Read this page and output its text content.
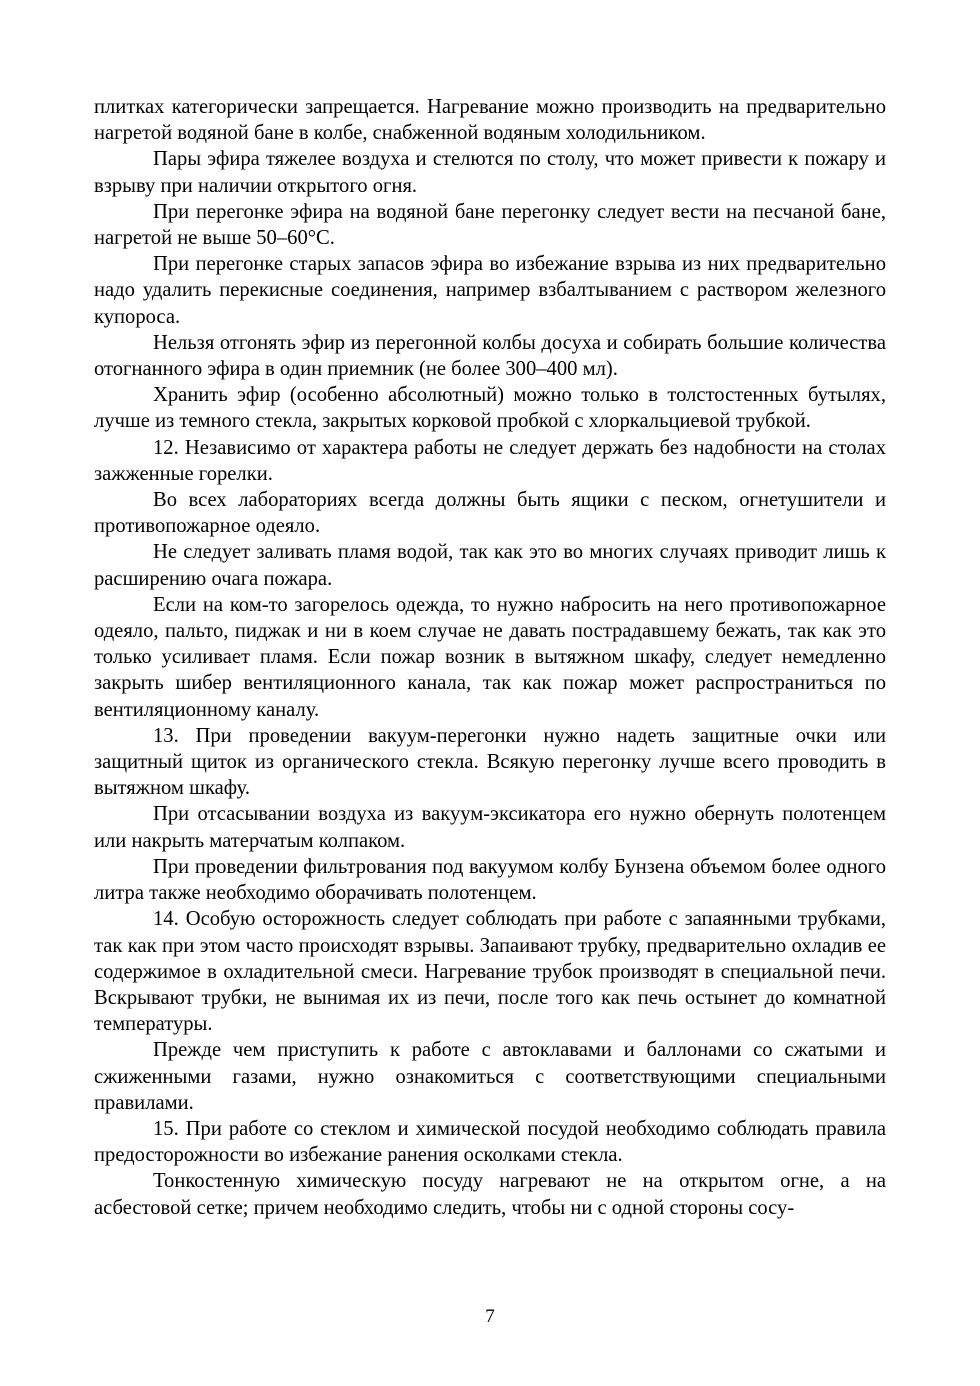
плитках категорически запрещается. Нагревание можно производить на предварительно нагретой водяной бане в колбе, снабженной водяным холодильником.

Пары эфира тяжелее воздуха и стелются по столу, что может привести к пожару и взрыву при наличии открытого огня.

При перегонке эфира на водяной бане перегонку следует вести на песчаной бане, нагретой не выше 50–60°C.

При перегонке старых запасов эфира во избежание взрыва из них предварительно надо удалить перекисные соединения, например взбалтыванием с раствором железного купороса.

Нельзя отгонять эфир из перегонной колбы досуха и собирать большие количества отогнанного эфира в один приемник (не более 300–400 мл).

Хранить эфир (особенно абсолютный) можно только в толстостенных бутылях, лучше из темного стекла, закрытых корковой пробкой с хлоркальциевой трубкой.

12. Независимо от характера работы не следует держать без надобности на столах зажженные горелки.

Во всех лабораториях всегда должны быть ящики с песком, огнетушители и противопожарное одеяло.

Не следует заливать пламя водой, так как это во многих случаях приводит лишь к расширению очага пожара.

Если на ком-то загорелось одежда, то нужно набросить на него противопожарное одеяло, пальто, пиджак и ни в коем случае не давать пострадавшему бежать, так как это только усиливает пламя. Если пожар возник в вытяжном шкафу, следует немедленно закрыть шибер вентиляционного канала, так как пожар может распространиться по вентиляционному каналу.

13. При проведении вакуум-перегонки нужно надеть защитные очки или защитный щиток из органического стекла. Всякую перегонку лучше всего проводить в вытяжном шкафу.

При отсасывании воздуха из вакуум-эксикатора его нужно обернуть полотенцем или накрыть матерчатым колпаком.

При проведении фильтрования под вакуумом колбу Бунзена объемом более одного литра также необходимо оборачивать полотенцем.

14. Особую осторожность следует соблюдать при работе с запаянными трубками, так как при этом часто происходят взрывы. Запаивают трубку, предварительно охладив ее содержимое в охладительной смеси. Нагревание трубок производят в специальной печи. Вскрывают трубки, не вынимая их из печи, после того как печь остынет до комнатной температуры.

Прежде чем приступить к работе с автоклавами и баллонами со сжатыми и сжиженными газами, нужно ознакомиться с соответствующими специальными правилами.

15. При работе со стеклом и химической посудой необходимо соблюдать правила предосторожности во избежание ранения осколками стекла.

Тонкостенную химическую посуду нагревают не на открытом огне, а на асбестовой сетке; причем необходимо следить, чтобы ни с одной стороны сосу-

7
